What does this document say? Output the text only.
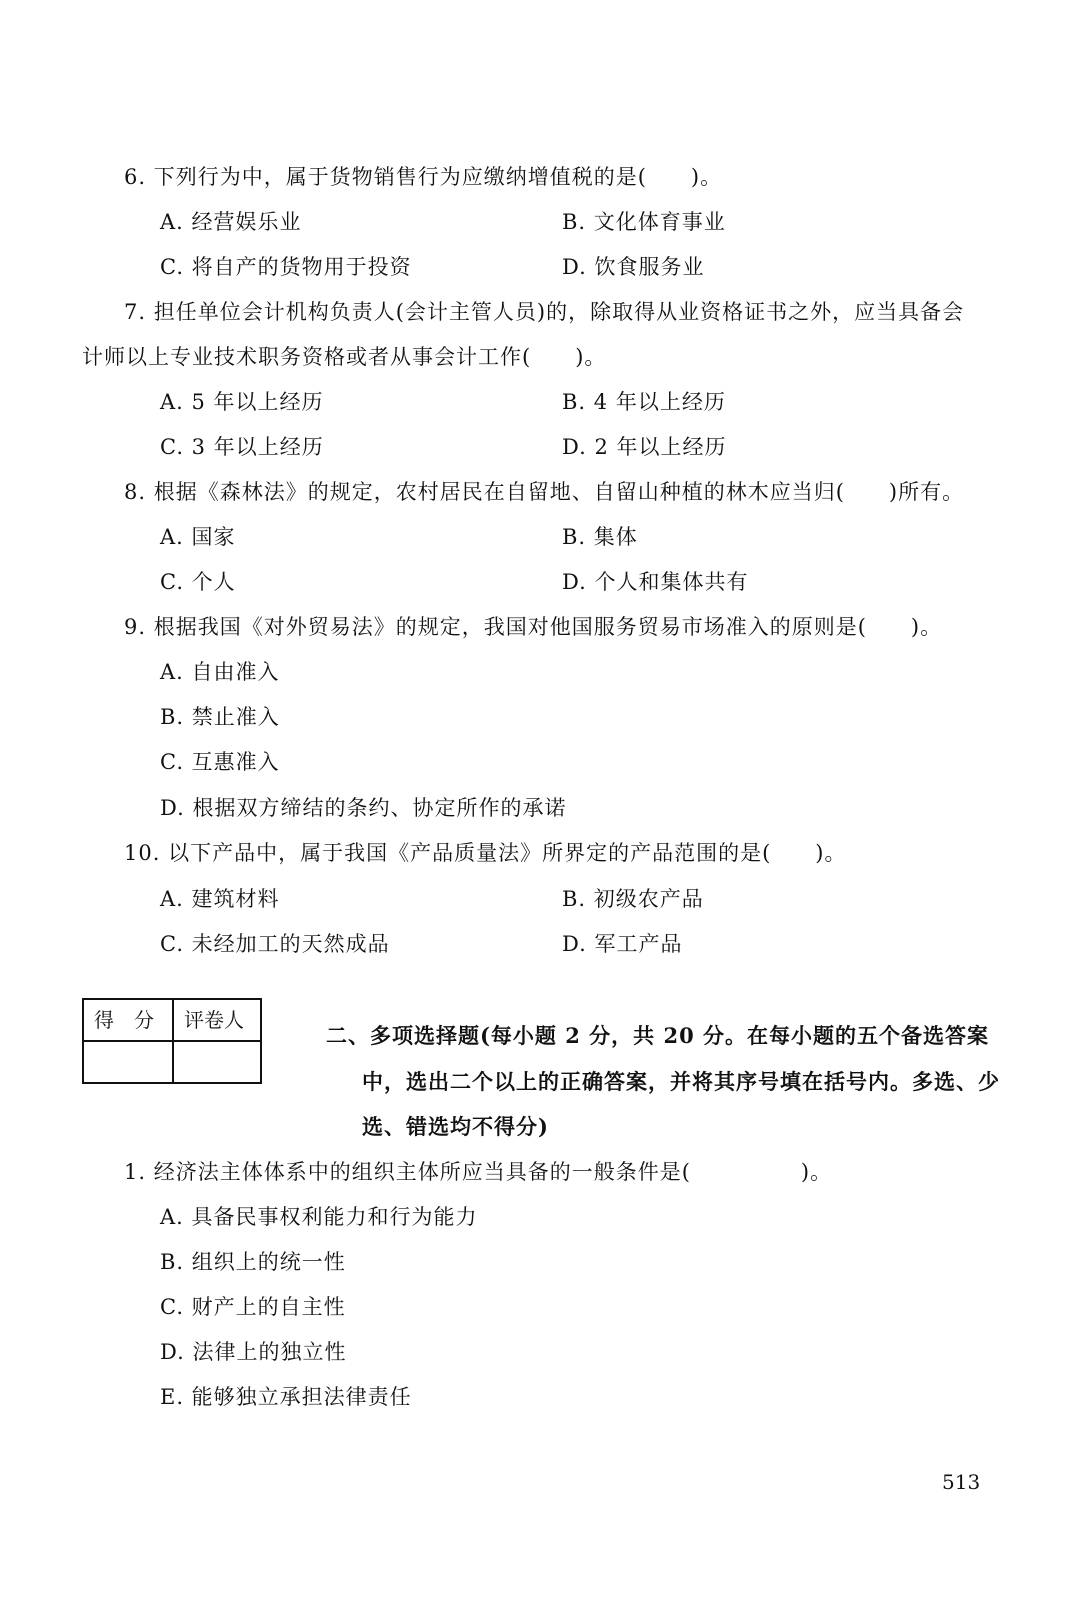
6. 下列行为中，属于货物销售行为应缴纳增值税的是(　　)。
A. 经营娱乐业	B. 文化体育事业
C. 将自产的货物用于投资	D. 饮食服务业
7. 担任单位会计机构负责人(会计主管人员)的，除取得从业资格证书之外，应当具备会
计师以上专业技术职务资格或者从事会计工作(　　)。
A. 5 年以上经历	B. 4 年以上经历
C. 3 年以上经历	D. 2 年以上经历
8. 根据《森林法》的规定，农村居民在自留地、自留山种植的林木应当归(　　)所有。
A. 国家	B. 集体
C. 个人	D. 个人和集体共有
9. 根据我国《对外贸易法》的规定，我国对他国服务贸易市场准入的原则是(　　)。
A. 自由准入
B. 禁止准入
C. 互惠准入
D. 根据双方缔结的条约、协定所作的承诺
10. 以下产品中，属于我国《产品质量法》所界定的产品范围的是(　　)。
A. 建筑材料	B. 初级农产品
C. 未经加工的天然成品	D. 军工产品
得　分 评卷人
二、多项选择题(每小题 2 分，共 20 分。在每小题的五个备选答案
中，选出二个以上的正确答案，并将其序号填在括号内。多选、少
选、错选均不得分)
1. 经济法主体体系中的组织主体所应当具备的一般条件是(　　　　　)。
A. 具备民事权利能力和行为能力
B. 组织上的统一性
C. 财产上的自主性
D. 法律上的独立性
E. 能够独立承担法律责任
513
